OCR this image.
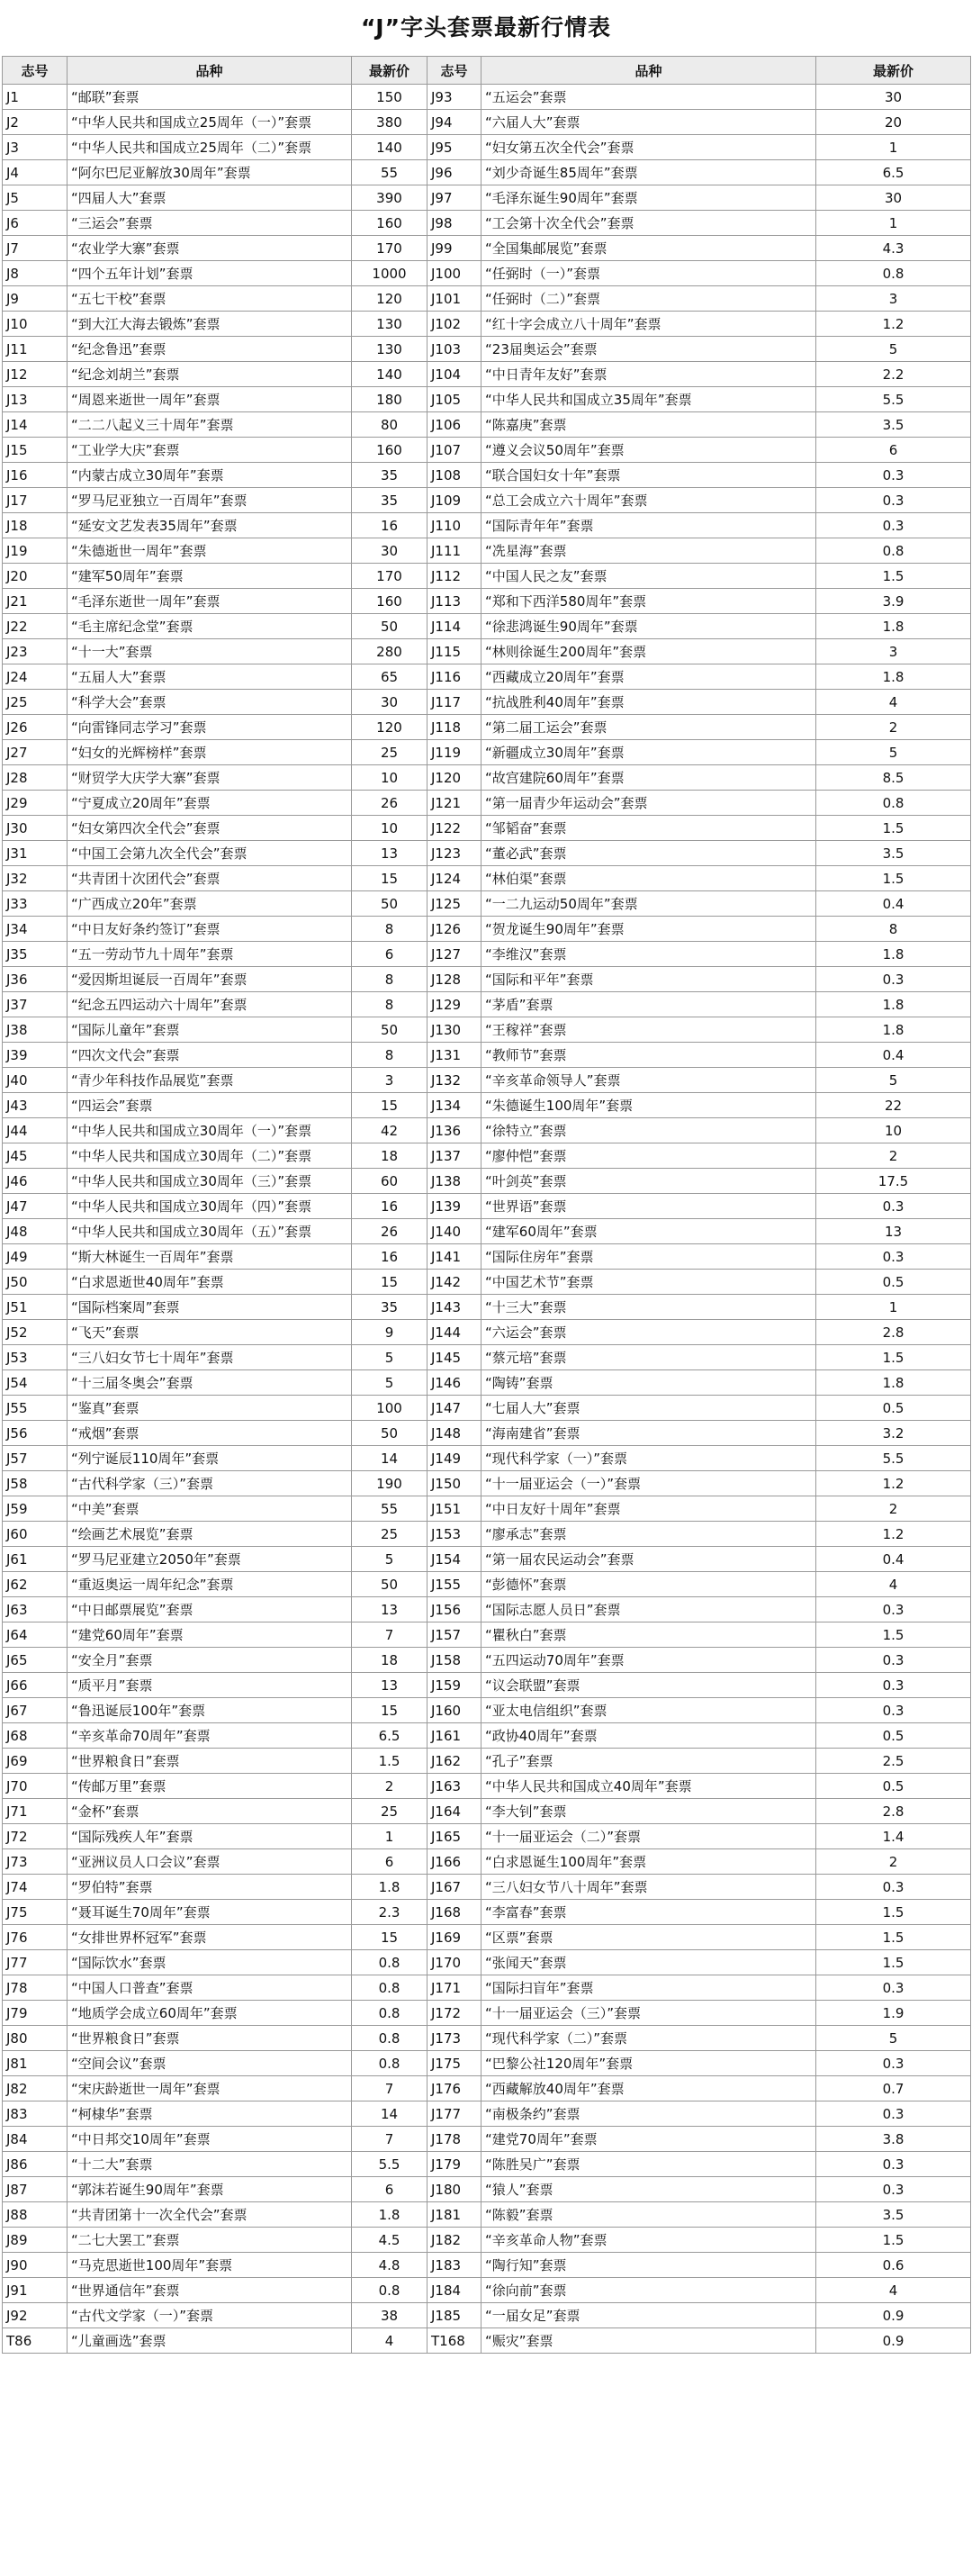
“J”字头套票最新行情表
志号	品种	最新价	志号	品种	最新价
J1	“邮联”套票	150	J93	“五运会”套票	30
J2	“中华人民共和国成立25周年（一）”套票	380	J94	“六届人大”套票	20
J3	“中华人民共和国成立25周年（二）”套票	140	J95	“妇女第五次全代会”套票	1
J4	“阿尔巴尼亚解放30周年”套票	55	J96	“刘少奇诞生85周年”套票	6.5
J5	“四届人大”套票	390	J97	“毛泽东诞生90周年”套票	30
J6	“三运会”套票	160	J98	“工会第十次全代会”套票	1
J7	“农业学大寨”套票	170	J99	“全国集邮展览”套票	4.3
J8	“四个五年计划”套票	1000	J100	“任弼时（一）”套票	0.8
J9	“五七干校”套票	120	J101	“任弼时（二）”套票	3
J10	“到大江大海去锻炼”套票	130	J102	“红十字会成立八十周年”套票	1.2
J11	“纪念鲁迅”套票	130	J103	“23届奥运会”套票	5
J12	“纪念刘胡兰”套票	140	J104	“中日青年友好”套票	2.2
J13	“周恩来逝世一周年”套票	180	J105	“中华人民共和国成立35周年”套票	5.5
J14	“二二八起义三十周年”套票	80	J106	“陈嘉庚”套票	3.5
J15	“工业学大庆”套票	160	J107	“遵义会议50周年”套票	6
J16	“内蒙古成立30周年”套票	35	J108	“联合国妇女十年”套票	0.3
J17	“罗马尼亚独立一百周年”套票	35	J109	“总工会成立六十周年”套票	0.3
J18	“延安文艺发表35周年”套票	16	J110	“国际青年年”套票	0.3
J19	“朱德逝世一周年”套票	30	J111	“冼星海”套票	0.8
J20	“建军50周年”套票	170	J112	“中国人民之友”套票	1.5
J21	“毛泽东逝世一周年”套票	160	J113	“郑和下西洋580周年”套票	3.9
J22	“毛主席纪念堂”套票	50	J114	“徐悲鸿诞生90周年”套票	1.8
J23	“十一大”套票	280	J115	“林则徐诞生200周年”套票	3
J24	“五届人大”套票	65	J116	“西藏成立20周年”套票	1.8
J25	“科学大会”套票	30	J117	“抗战胜利40周年”套票	4
J26	“向雷锋同志学习”套票	120	J118	“第二届工运会”套票	2
J27	“妇女的光辉榜样”套票	25	J119	“新疆成立30周年”套票	5
J28	“财贸学大庆学大寨”套票	10	J120	“故宫建院60周年”套票	8.5
J29	“宁夏成立20周年”套票	26	J121	“第一届青少年运动会”套票	0.8
J30	“妇女第四次全代会”套票	10	J122	“邹韬奋”套票	1.5
J31	“中国工会第九次全代会”套票	13	J123	“董必武”套票	3.5
J32	“共青团十次团代会”套票	15	J124	“林伯渠”套票	1.5
J33	“广西成立20年”套票	50	J125	“一二九运动50周年”套票	0.4
J34	“中日友好条约签订”套票	8	J126	“贺龙诞生90周年”套票	8
J35	“五一劳动节九十周年”套票	6	J127	“李维汉”套票	1.8
J36	“爱因斯坦诞辰一百周年”套票	8	J128	“国际和平年”套票	0.3
J37	“纪念五四运动六十周年”套票	8	J129	“茅盾”套票	1.8
J38	“国际儿童年”套票	50	J130	“王稼祥”套票	1.8
J39	“四次文代会”套票	8	J131	“教师节”套票	0.4
J40	“青少年科技作品展览”套票	3	J132	“辛亥革命领导人”套票	5
J43	“四运会”套票	15	J134	“朱德诞生100周年”套票	22
J44	“中华人民共和国成立30周年（一）”套票	42	J136	“徐特立”套票	10
J45	“中华人民共和国成立30周年（二）”套票	18	J137	“廖仲恺”套票	2
J46	“中华人民共和国成立30周年（三）”套票	60	J138	“叶剑英”套票	17.5
J47	“中华人民共和国成立30周年（四）”套票	16	J139	“世界语”套票	0.3
J48	“中华人民共和国成立30周年（五）”套票	26	J140	“建军60周年”套票	13
J49	“斯大林诞生一百周年”套票	16	J141	“国际住房年”套票	0.3
J50	“白求恩逝世40周年”套票	15	J142	“中国艺术节”套票	0.5
J51	“国际档案周”套票	35	J143	“十三大”套票	1
J52	“飞天”套票	9	J144	“六运会”套票	2.8
J53	“三八妇女节七十周年”套票	5	J145	“蔡元培”套票	1.5
J54	“十三届冬奥会”套票	5	J146	“陶铸”套票	1.8
J55	“鉴真”套票	100	J147	“七届人大”套票	0.5
J56	“戒烟”套票	50	J148	“海南建省”套票	3.2
J57	“列宁诞辰110周年”套票	14	J149	“现代科学家（一）”套票	5.5
J58	“古代科学家（三）”套票	190	J150	“十一届亚运会（一）”套票	1.2
J59	“中美”套票	55	J151	“中日友好十周年”套票	2
J60	“绘画艺术展览”套票	25	J153	“廖承志”套票	1.2
J61	“罗马尼亚建立2050年”套票	5	J154	“第一届农民运动会”套票	0.4
J62	“重返奥运一周年纪念”套票	50	J155	“彭德怀”套票	4
J63	“中日邮票展览”套票	13	J156	“国际志愿人员日”套票	0.3
J64	“建党60周年”套票	7	J157	“瞿秋白”套票	1.5
J65	“安全月”套票	18	J158	“五四运动70周年”套票	0.3
J66	“质平月”套票	13	J159	“议会联盟”套票	0.3
J67	“鲁迅诞辰100年”套票	15	J160	“亚太电信组织”套票	0.3
J68	“辛亥革命70周年”套票	6.5	J161	“政协40周年”套票	0.5
J69	“世界粮食日”套票	1.5	J162	“孔子”套票	2.5
J70	“传邮万里”套票	2	J163	“中华人民共和国成立40周年”套票	0.5
J71	“金杯”套票	25	J164	“李大钊”套票	2.8
J72	“国际残疾人年”套票	1	J165	“十一届亚运会（二）”套票	1.4
J73	“亚洲议员人口会议”套票	6	J166	“白求恩诞生100周年”套票	2
J74	“罗伯特”套票	1.8	J167	“三八妇女节八十周年”套票	0.3
J75	“聂耳诞生70周年”套票	2.3	J168	“李富春”套票	1.5
J76	“女排世界杯冠军”套票	15	J169	“区票”套票	1.5
J77	“国际饮水”套票	0.8	J170	“张闻天”套票	1.5
J78	“中国人口普查”套票	0.8	J171	“国际扫盲年”套票	0.3
J79	“地质学会成立60周年”套票	0.8	J172	“十一届亚运会（三）”套票	1.9
J80	“世界粮食日”套票	0.8	J173	“现代科学家（二）”套票	5
J81	“空间会议”套票	0.8	J175	“巴黎公社120周年”套票	0.3
J82	“宋庆龄逝世一周年”套票	7	J176	“西藏解放40周年”套票	0.7
J83	“柯棣华”套票	14	J177	“南极条约”套票	0.3
J84	“中日邦交10周年”套票	7	J178	“建党70周年”套票	3.8
J86	“十二大”套票	5.5	J179	“陈胜吴广”套票	0.3
J87	“郭沫若诞生90周年”套票	6	J180	“猿人”套票	0.3
J88	“共青团第十一次全代会”套票	1.8	J181	“陈毅”套票	3.5
J89	“二七大罢工”套票	4.5	J182	“辛亥革命人物”套票	1.5
J90	“马克思逝世100周年”套票	4.8	J183	“陶行知”套票	0.6
J91	“世界通信年”套票	0.8	J184	“徐向前”套票	4
J92	“古代文学家（一）”套票	38	J185	“一届女足”套票	0.9
T86	“儿童画选”套票	4	T168	“赈灾”套票	0.9
